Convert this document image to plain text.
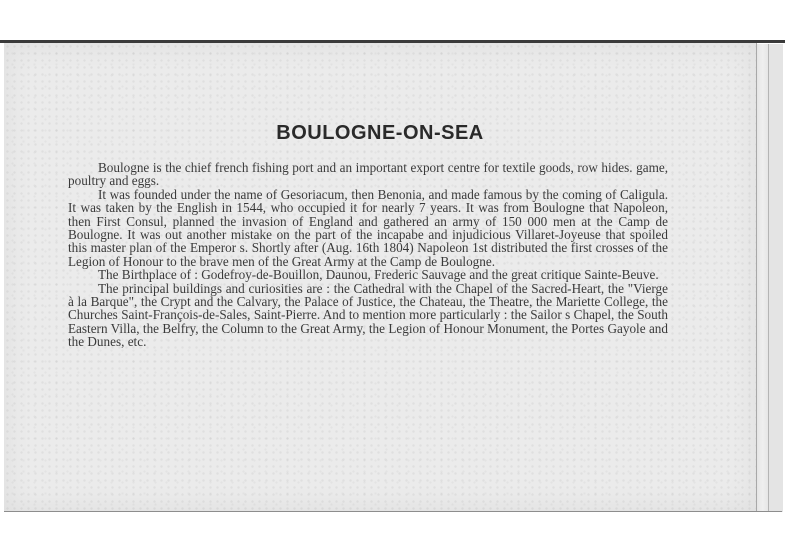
BOULOGNE-ON-SEA

Boulogne is the chief french fishing port and an important export centre for textile goods, row hides. game, poultry and eggs.

It was founded under the name of Gesoriacum, then Benonia, and made famous by the coming of Caligula. It was taken by the English in 1544, who occupied it for nearly 7 years. It was from Boulogne that Napoleon, then First Consul, planned the invasion of England and gathered an army of 150 000 men at the Camp de Boulogne. It was out another mistake on the part of the incapabe and injudicious Villaret-Joyeuse that spoiled this master plan of the Emperor s. Shortly after (Aug. 16th 1804) Napoleon 1st distributed the first crosses of the Legion of Honour to the brave men of the Great Army at the Camp de Boulogne.

The Birthplace of : Godefroy-de-Bouillon, Daunou, Frederic Sauvage and the great critique Sainte-Beuve.

The principal buildings and curiosities are : the Cathedral with the Chapel of the Sacred-Heart, the "Vierge à la Barque", the Crypt and the Calvary, the Palace of Justice, the Chateau, the Theatre, the Mariette College, the Churches Saint-François-de-Sales, Saint-Pierre. And to mention more particularly : the Sailor s Chapel, the South Eastern Villa, the Belfry, the Column to the Great Army, the Legion of Honour Monument, the Portes Gayole and the Dunes, etc.
